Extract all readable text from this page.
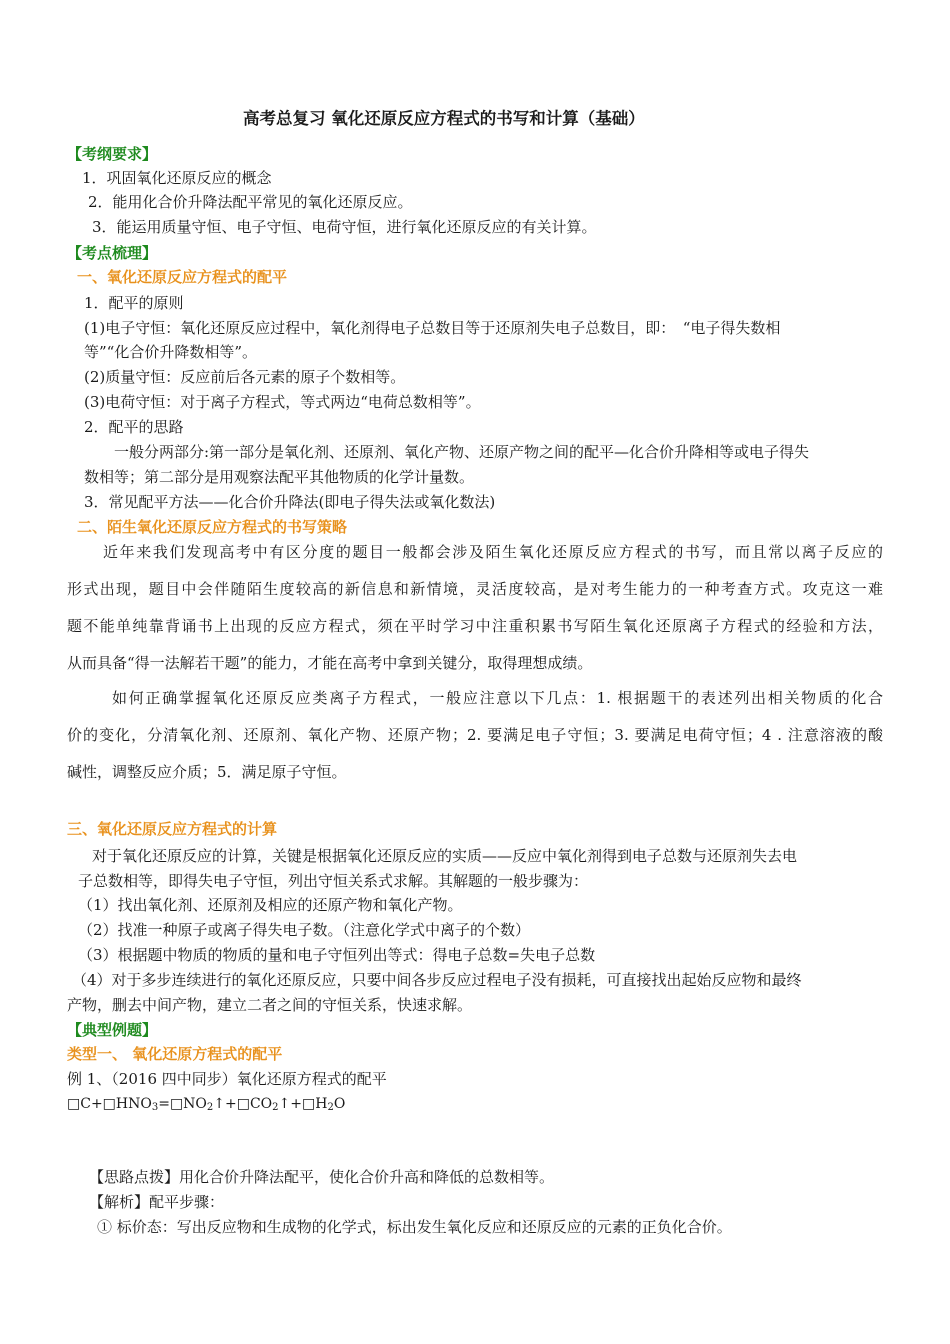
高考总复习 氧化还原反应方程式的书写和计算（基础）
【考纲要求】
1．巩固氧化还原反应的概念
2．能用化合价升降法配平常见的氧化还原反应。
3．能运用质量守恒、电子守恒、电荷守恒，进行氧化还原反应的有关计算。
【考点梳理】
一、氧化还原反应方程式的配平
1．配平的原则
(1)电子守恒：氧化还原反应过程中，氧化剂得电子总数目等于还原剂失电子总数目，即：　“电子得失数相
等”“化合价升降数相等”。
(2)质量守恒：反应前后各元素的原子个数相等。
(3)电荷守恒：对于离子方程式，等式两边“电荷总数相等”。
2．配平的思路
一般分两部分:第一部分是氧化剂、还原剂、氧化产物、还原产物之间的配平—化合价升降相等或电子得失
数相等；第二部分是用观察法配平其他物质的化学计量数。
3．常见配平方法——化合价升降法(即电子得失法或氧化数法)
二、陌生氧化还原反应方程式的书写策略
近年来我们发现高考中有区分度的题目一般都会涉及陌生氧化还原反应方程式的书写，而且常以离子反应的
形式出现，题目中会伴随陌生度较高的新信息和新情境，灵活度较高，是对考生能力的一种考查方式。攻克这一难
题不能单纯靠背诵书上出现的反应方程式，须在平时学习中注重积累书写陌生氧化还原离子方程式的经验和方法，
从而具备“得一法解若干题”的能力，才能在高考中拿到关键分，取得理想成绩。
如何正确掌握氧化还原反应类离子方程式，一般应注意以下几点：1. 根据题干的表述列出相关物质的化合
价的变化，分清氧化剂、还原剂、氧化产物、还原产物；2. 要满足电子守恒；3. 要满足电荷守恒；4 . 注意溶液的酸
碱性，调整反应介质；5．满足原子守恒。
三、氧化还原反应方程式的计算
对于氧化还原反应的计算，关键是根据氧化还原反应的实质——反应中氧化剂得到电子总数与还原剂失去电
子总数相等，即得失电子守恒，列出守恒关系式求解。其解题的一般步骤为：
（1）找出氧化剂、还原剂及相应的还原产物和氧化产物。
（2）找准一种原子或离子得失电子数。（注意化学式中离子的个数）
（3）根据题中物质的物质的量和电子守恒列出等式：得电子总数=失电子总数
（4）对于多步连续进行的氧化还原反应，只要中间各步反应过程电子没有损耗，可直接找出起始反应物和最终
产物，删去中间产物，建立二者之间的守恒关系，快速求解。
【典型例题】
类型一、 氧化还原方程式的配平
例 1、（2016 四中同步）氧化还原方程式的配平
$□C+□HNO_3=□NO_2↑+□CO_2↑+□H_2O$
【思路点拨】用化合价升降法配平，使化合价升高和降低的总数相等。
【解析】配平步骤：
① 标价态：写出反应物和生成物的化学式，标出发生氧化反应和还原反应的元素的正负化合价。
